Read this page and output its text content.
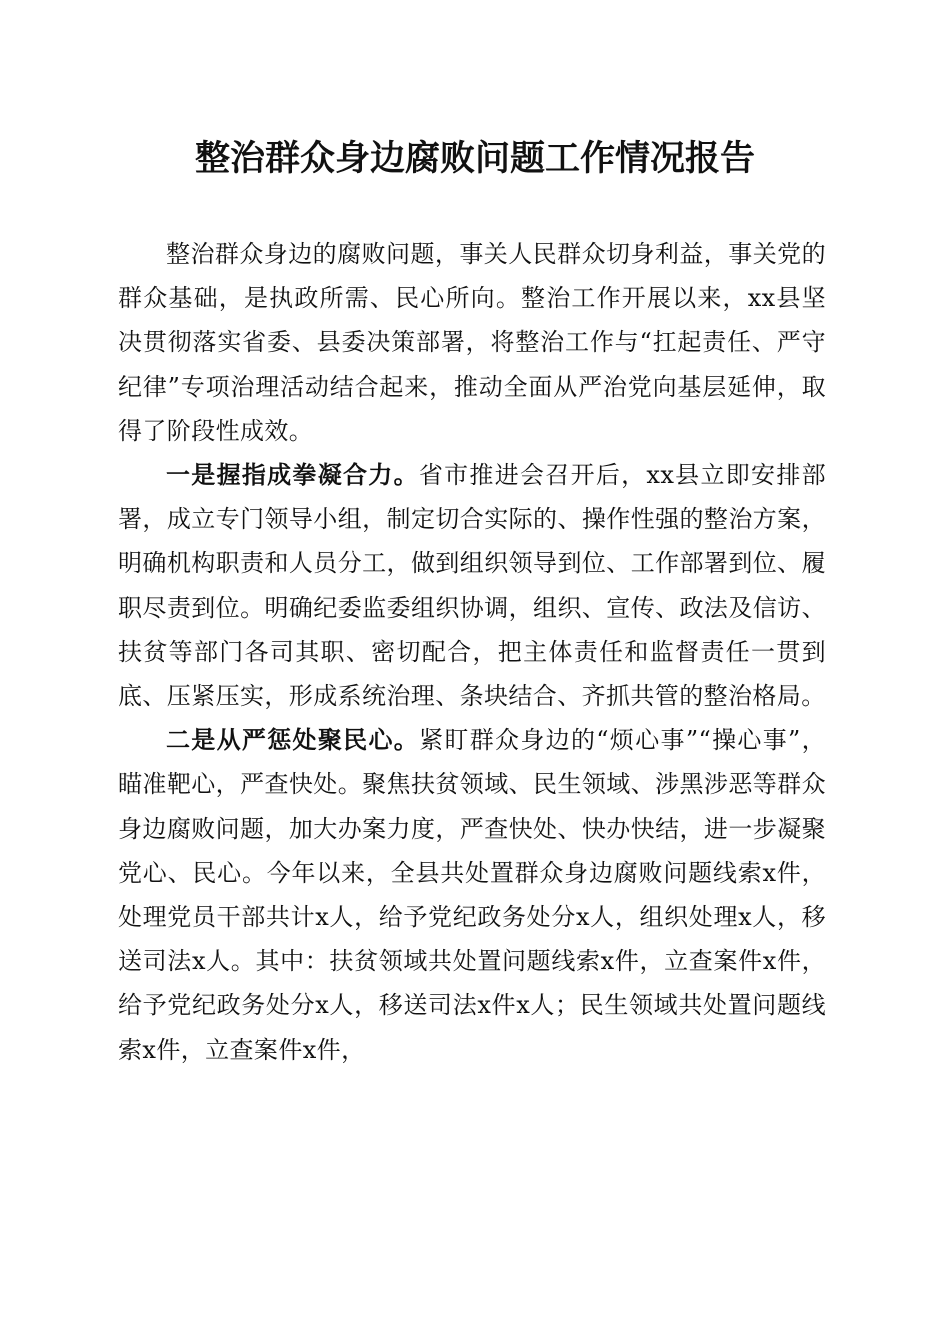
整治群众身边腐败问题工作情况报告

整治群众身边的腐败问题，事关人民群众切身利益，事关党的群众基础，是执政所需、民心所向。整治工作开展以来，xx县坚决贯彻落实省委、县委决策部署，将整治工作与“扛起责任、严守纪律”专项治理活动结合起来，推动全面从严治党向基层延伸，取得了阶段性成效。

一是握指成拳凝合力。省市推进会召开后，xx县立即安排部署，成立专门领导小组，制定切合实际的、操作性强的整治方案，明确机构职责和人员分工，做到组织领导到位、工作部署到位、履职尽责到位。明确纪委监委组织协调，组织、宣传、政法及信访、扶贫等部门各司其职、密切配合，把主体责任和监督责任一贯到底、压紧压实，形成系统治理、条块结合、齐抓共管的整治格局。

二是从严惩处聚民心。紧盯群众身边的“烦心事”“操心事”，瞄准靶心，严查快处。聚焦扶贫领域、民生领域、涉黑涉恶等群众身边腐败问题，加大办案力度，严查快处、快办快结，进一步凝聚党心、民心。今年以来，全县共处置群众身边腐败问题线索x件，处理党员干部共计x人，给予党纪政务处分x人，组织处理x人，移送司法x人。其中：扶贫领域共处置问题线索x件，立查案件x件，给予党纪政务处分x人，移送司法x件x人；民生领域共处置问题线索x件，立查案件x件，
